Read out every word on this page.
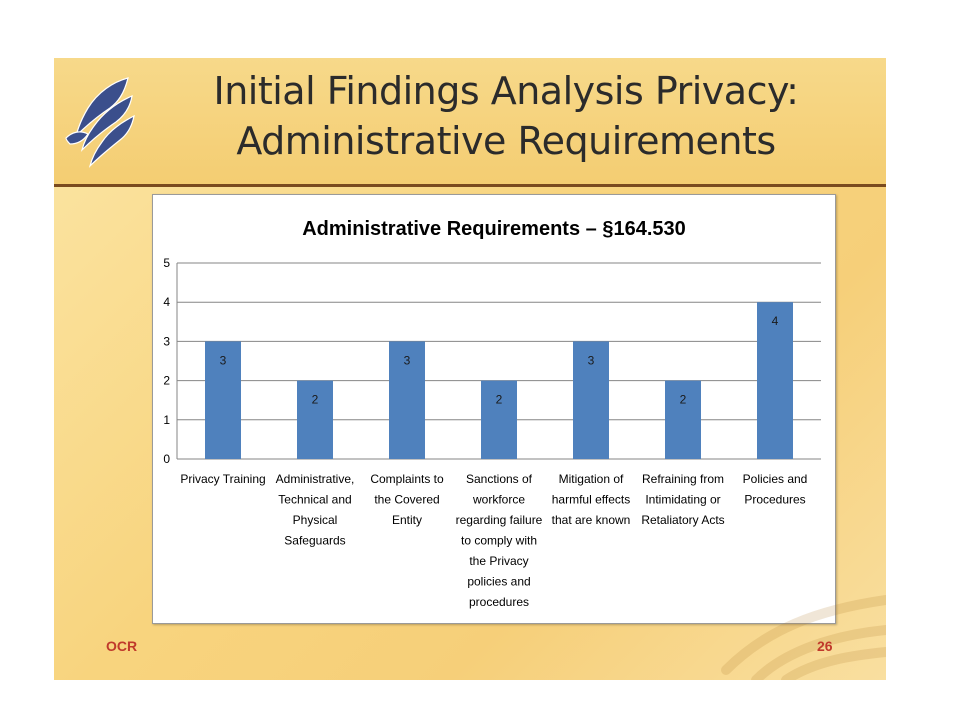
Initial Findings Analysis Privacy:
Administrative Requirements
Administrative Requirements – §164.530
0
1
2
3
4
5
3
Privacy Training
2
Administrative, Technical and Physical Safeguards
3
Complaints to the Covered Entity
2
Sanctions of workforce regarding failure to comply with the Privacy policies and procedures
3
Mitigation of harmful effects that are known
2
Refraining from Intimidating or Retaliatory Acts
4
Policies and Procedures
OCR	26
